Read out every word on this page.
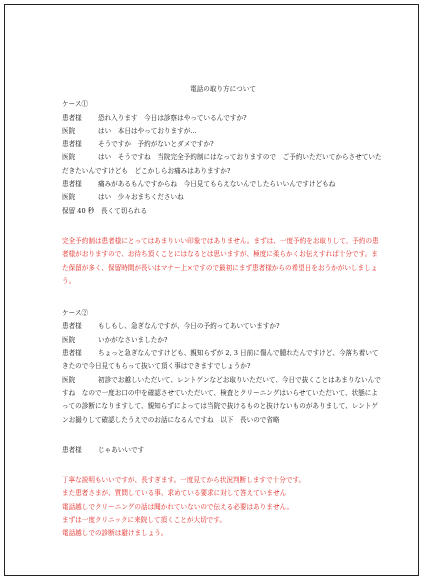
電話の取り方について
ケース①
患者様	恐れ入ります　今日は診察はやっているんですか?
医院	はい　本日はやっておりますが…
患者様	そうですか　予約がないとダメですか?
医院	はい　そうですね　当院完全予約制にはなっておりますので　ご予約いただいてからさせていただきたいんですけども　どこかしらお痛みはありますか?
患者様	痛みがあるもんですからね　今日見てもらえないんでしたらいいんですけどもね
医院	はい　少々おまちくださいね
保留 40 秒　長くて切られる
完全予約制は患者様にとってはあまりいい印象ではありません。まずは、一度予約をお取りして、予約の患者様がおりますので、お待ち頂くことにはなるとは思いますが、極度に柔らかくお伝えすれば十分です。また保留が多く、保留時間が長いはマナー上×ですので最初にまず患者様からの希望日をおうかがいしましょう。
ケース②
患者様	もしもし、急ぎなんですが、今日の予約ってあいていますか?
医院	いかがなさいましたか?
患者様 ちょっと急ぎなんですけども、親知らずが 2, 3 日前に傷んで腫れたんですけど、今落ち着いてきたので今日見てもらって抜いて頂く事はできますでしょうか?
医院	初診でお越しいただいて、レントゲンなどお取りいただいて、今日で抜くことはあまりないんですね　なので一度お口の中を確認させていただいて、検査とクリーニングはいらせていただいて、状態によっての診断になりますして、親知らずによっては当院で抜けるものと抜けないものがありまして、レントゲンお撮りして確認したうえでのお話になるんですね　以下　長いので省略
患者様	じゃあいいです
丁寧な説明もいいですが、長すぎます。一度見てから状況判断しますで十分です。
また患者さまが、質問している事、求めている要求に対して答えていません
電話越しでクリーニングの話は聞かれていないので伝える必要はありません。
まずは一度クリニックに来院して頂くことが大切です。
電話越しでの診断は避けましょう。
